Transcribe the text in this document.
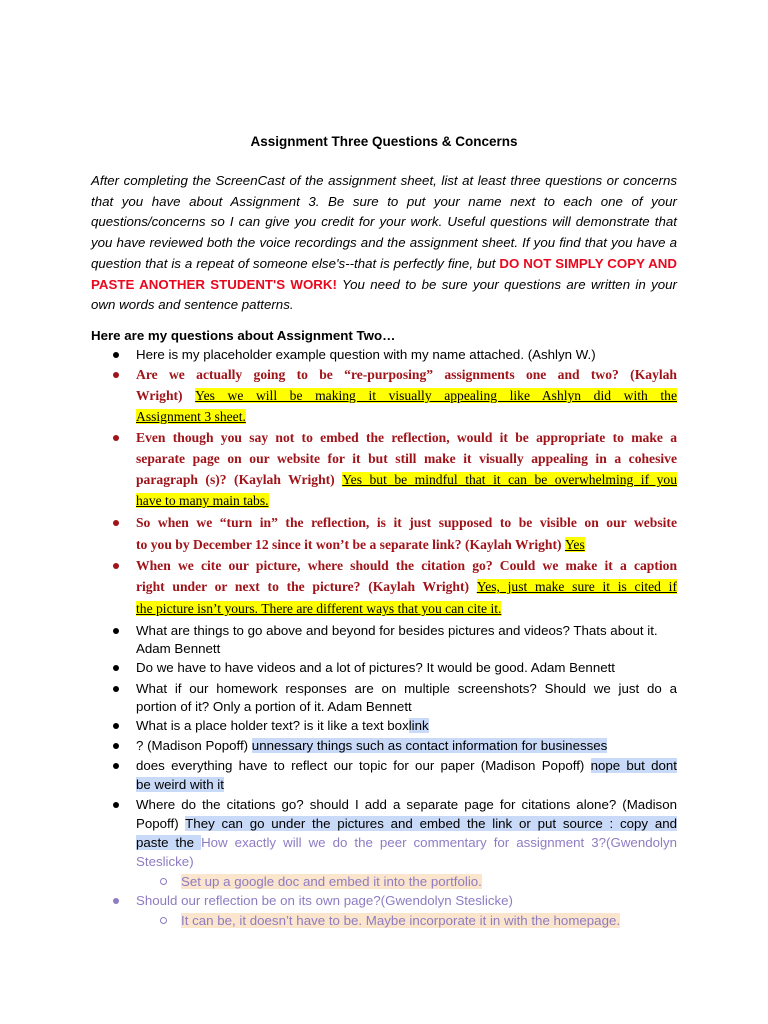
Assignment Three Questions & Concerns
After completing the ScreenCast of the assignment sheet, list at least three questions or concerns that you have about Assignment 3. Be sure to put your name next to each one of your questions/concerns so I can give you credit for your work. Useful questions will demonstrate that you have reviewed both the voice recordings and the assignment sheet. If you find that you have a question that is a repeat of someone else's--that is perfectly fine, but DO NOT SIMPLY COPY AND PASTE ANOTHER STUDENT'S WORK! You need to be sure your questions are written in your own words and sentence patterns.
Here are my questions about Assignment Two…
Here is my placeholder example question with my name attached. (Ashlyn W.)
Are we actually going to be “re-purposing” assignments one and two? (Kaylah
Wright) Yes we will be making it visually appealing like Ashlyn did with the
Assignment 3 sheet.
Even though you say not to embed the reflection, would it be appropriate to make a
separate page on our website for it but still make it visually appealing in a cohesive
paragraph (s)? (Kaylah Wright) Yes but be mindful that it can be overwhelming if you
have to many main tabs.
So when we “turn in” the reflection, is it just supposed to be visible on our website
to you by December 12 since it won’t be a separate link? (Kaylah Wright) Yes
When we cite our picture, where should the citation go? Could we make it a caption
right under or next to the picture? (Kaylah Wright) Yes, just make sure it is cited if
the picture isn’t yours. There are different ways that you can cite it.
What are things to go above and beyond for besides pictures and videos? Thats about it.
Adam Bennett
Do we have to have videos and a lot of pictures? It would be good. Adam Bennett
What if our homework responses are on multiple screenshots? Should we just do a
portion of it? Only a portion of it. Adam Bennett
What is a place holder text? is it like a text boxlink
? (Madison Popoff) unnessary things such as contact information for businesses
does everything have to reflect our topic for our paper (Madison Popoff) nope but dont
be weird with it
Where do the citations go? should I add a separate page for citations alone? (Madison
Popoff) They can go under the pictures and embed the link or put source : copy and
paste the How exactly will we do the peer commentary for assignment 3?(Gwendolyn
Steslicke)
Set up a google doc and embed it into the portfolio.
Should our reflection be on its own page?(Gwendolyn Steslicke)
It can be, it doesn’t have to be. Maybe incorporate it in with the homepage.
